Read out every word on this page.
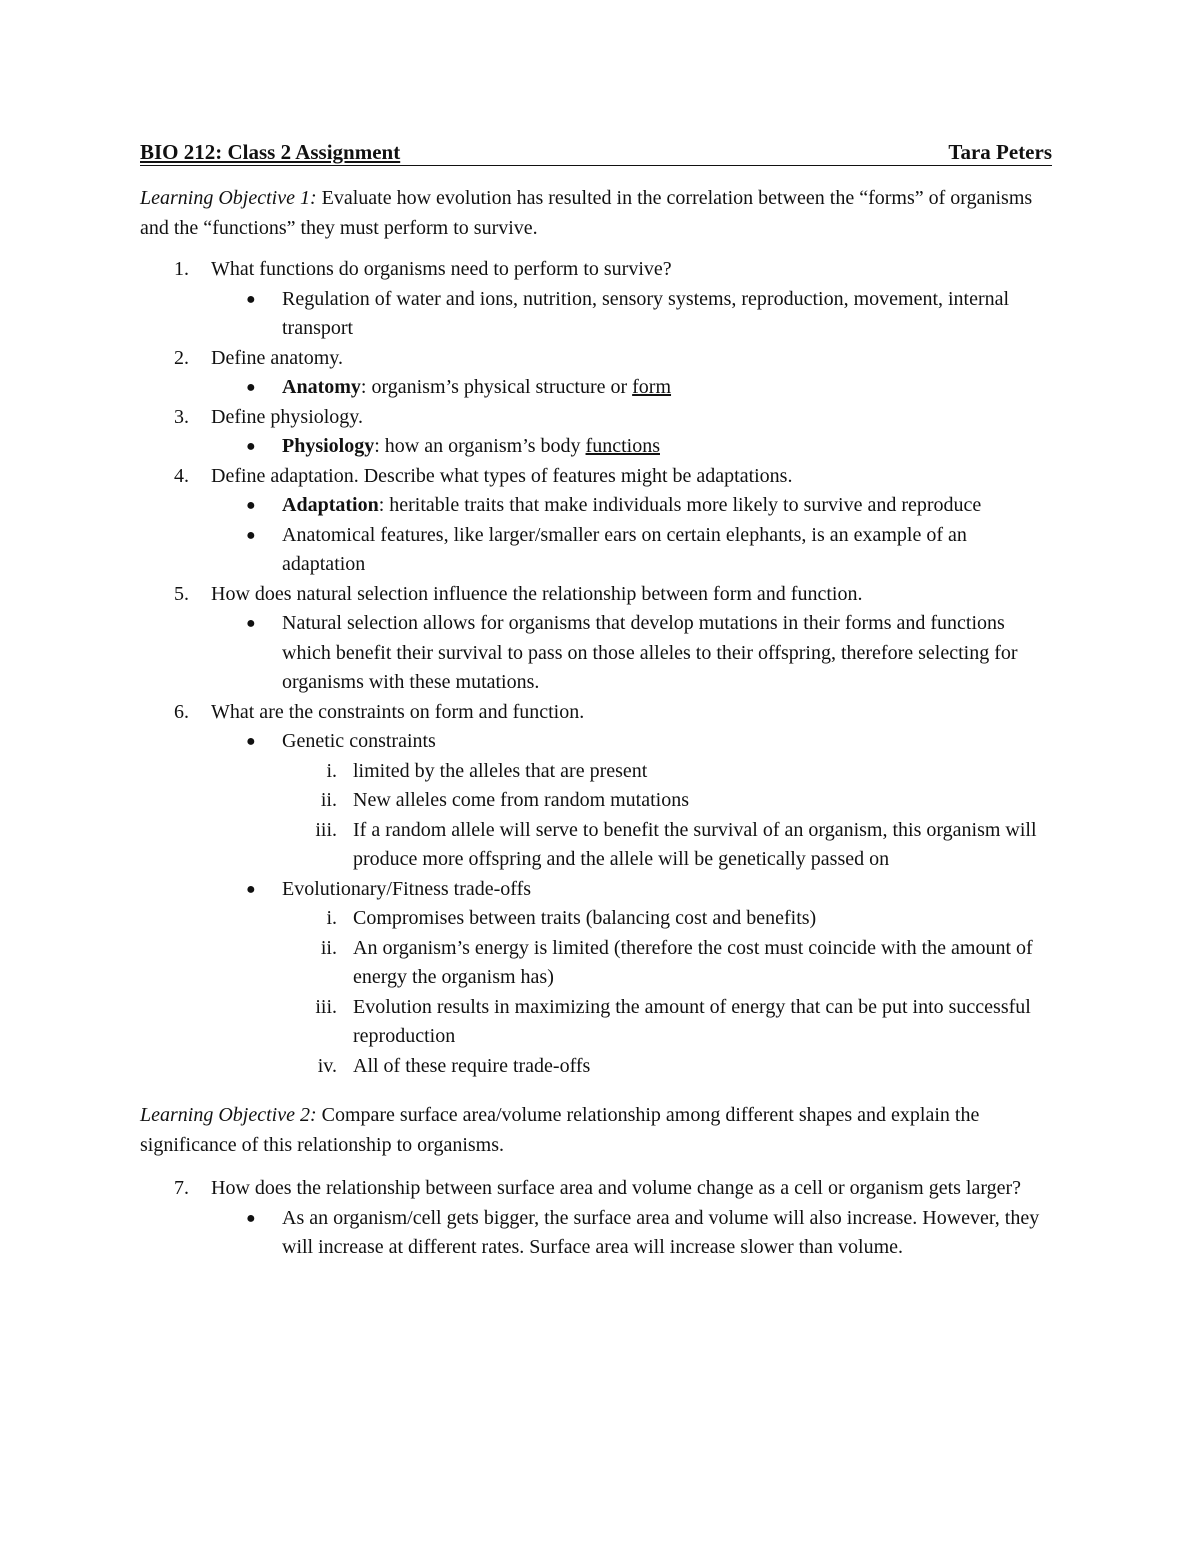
BIO 212: Class 2 Assignment	Tara Peters
Learning Objective 1: Evaluate how evolution has resulted in the correlation between the “forms” of organisms and the “functions” they must perform to survive.
1. What functions do organisms need to perform to survive?
● Regulation of water and ions, nutrition, sensory systems, reproduction, movement, internal transport
2. Define anatomy.
● Anatomy: organism’s physical structure or form
3. Define physiology.
● Physiology: how an organism’s body functions
4. Define adaptation. Describe what types of features might be adaptations.
● Adaptation: heritable traits that make individuals more likely to survive and reproduce
● Anatomical features, like larger/smaller ears on certain elephants, is an example of an adaptation
5. How does natural selection influence the relationship between form and function.
● Natural selection allows for organisms that develop mutations in their forms and functions which benefit their survival to pass on those alleles to their offspring, therefore selecting for organisms with these mutations.
6. What are the constraints on form and function.
● Genetic constraints
i. limited by the alleles that are present
ii. New alleles come from random mutations
iii. If a random allele will serve to benefit the survival of an organism, this organism will produce more offspring and the allele will be genetically passed on
● Evolutionary/Fitness trade-offs
i. Compromises between traits (balancing cost and benefits)
ii. An organism’s energy is limited (therefore the cost must coincide with the amount of energy the organism has)
iii. Evolution results in maximizing the amount of energy that can be put into successful reproduction
iv. All of these require trade-offs
Learning Objective 2: Compare surface area/volume relationship among different shapes and explain the significance of this relationship to organisms.
7. How does the relationship between surface area and volume change as a cell or organism gets larger?
● As an organism/cell gets bigger, the surface area and volume will also increase. However, they will increase at different rates. Surface area will increase slower than volume.
